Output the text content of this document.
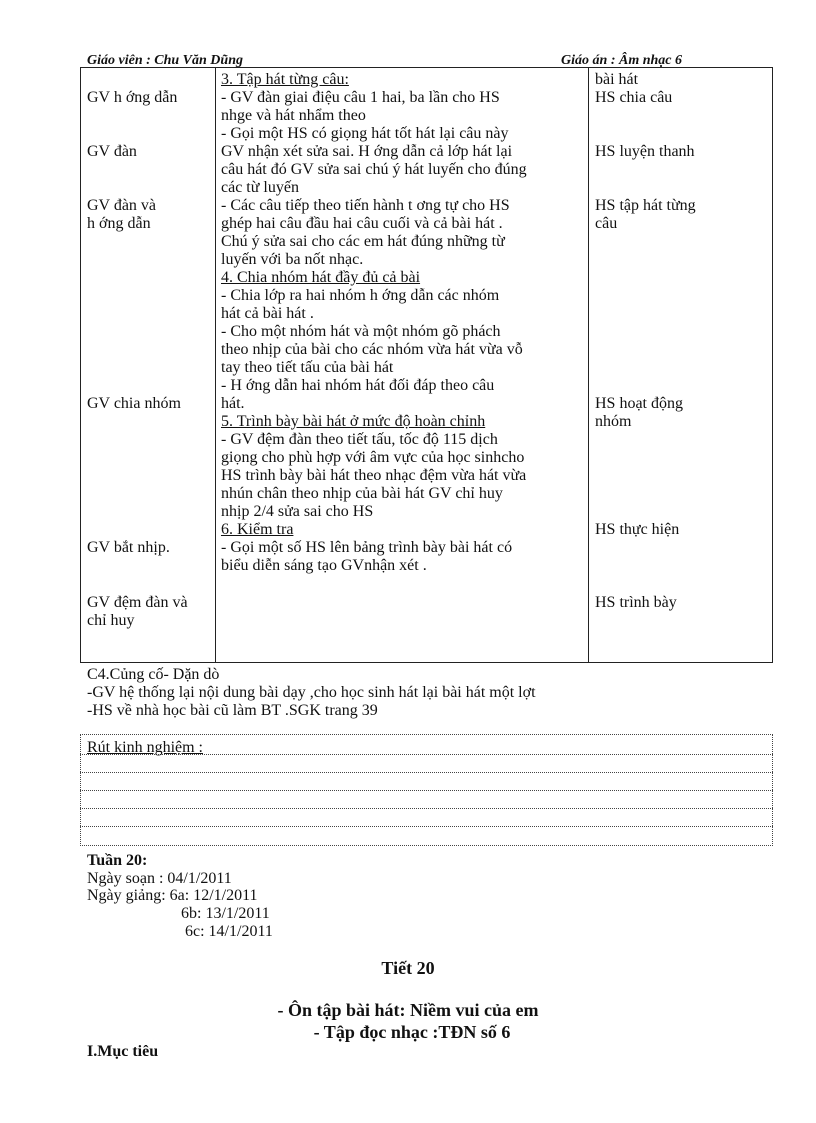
Giáo viên : Chu Văn Dũng	Giáo án : Âm nhạc 6
GV h ớng dẫn
GV đàn
GV đàn và
h ớng dẫn
GV chia nhóm
GV bắt nhịp.
GV đệm đàn và
chỉ huy
3. Tập hát từng câu:
- GV đàn giai điệu câu 1 hai, ba lần cho HS
nhge và hát nhẩm theo
- Gọi một HS có giọng hát tốt hát lại câu này
GV nhận xét sửa sai. H ớng dẫn cả lớp hát lại
câu hát đó GV sửa sai chú ý hát luyến cho đúng
các từ luyến
- Các câu tiếp theo tiến hành t ơng tự cho HS
ghép hai câu đầu hai câu cuối và cả bài hát .
Chú ý sửa sai cho các em hát đúng những từ
luyến với ba nốt nhạc.
4. Chia nhóm hát đầy đủ cả bài
- Chia lớp ra hai nhóm h ớng dẫn các nhóm
hát cả bài hát .
- Cho một nhóm hát và một nhóm gõ phách
theo nhịp của bài cho các nhóm vừa hát vừa vỗ
tay theo tiết tấu của bài hát
- H ớng dẫn hai nhóm hát đối đáp theo câu
hát.
5. Trình bày bài hát ở mức độ hoàn chỉnh
- GV đệm đàn theo tiết tấu, tốc độ 115 dịch
giọng cho phù hợp với âm vực của học sinhcho
HS trình bày bài hát theo nhạc đệm vừa hát vừa
nhún chân theo nhịp của bài hát GV chỉ huy
nhịp 2/4 sửa sai cho HS
6. Kiểm tra
- Gọi một số HS lên bảng trình bày bài hát có
biểu diễn sáng tạo GVnhận xét .
bài hát
HS chia câu
HS luyện thanh
HS tập hát từng
câu
HS hoạt động
nhóm
HS thực hiện
HS trình bày
C4.Củng cố- Dặn dò
-GV hệ thống lại nội dung bài dạy ,cho học sinh hát lại bài hát một lợt
-HS về nhà học bài cũ làm BT .SGK trang 39
Rút kinh nghiệm :
Tuần 20:
Ngày soạn : 04/1/2011
Ngày giảng: 6a: 12/1/2011
6b: 13/1/2011
6c: 14/1/2011
Tiết 20
- Ôn tập bài hát: Niềm vui của em
- Tập đọc nhạc :TĐN số 6
I.Mục tiêu
